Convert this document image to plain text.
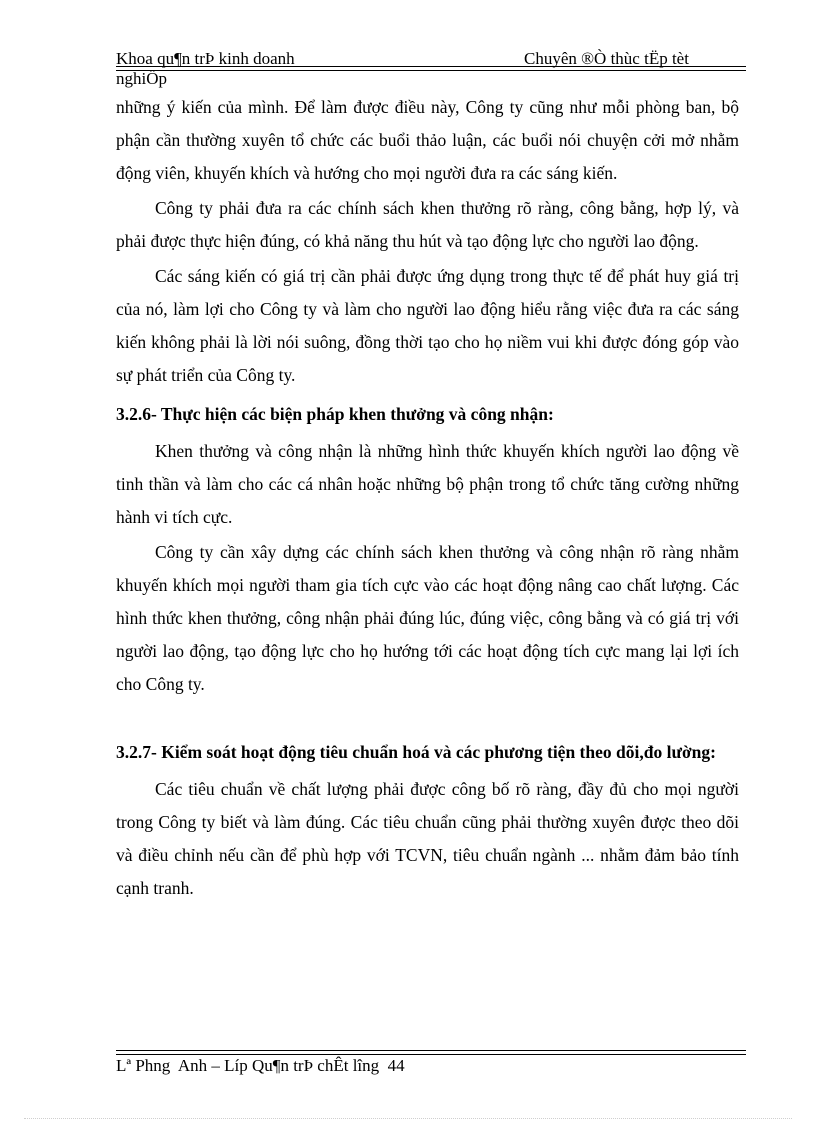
Khoa qu¶n trÞ kinh doanh nghiÖp
Chuyên ®Ò thùc tËp tèt

những ý kiến của mình. Để làm được điều này, Công ty cũng như mỗi phòng ban, bộ phận cần thường xuyên tổ chức các buổi thảo luận, các buổi nói chuyện cởi mở nhằm động viên, khuyến khích và hướng cho mọi người đưa ra các sáng kiến.

Công ty phải đưa ra các chính sách khen thưởng rõ ràng, công bằng, hợp lý, và phải được thực hiện đúng, có khả năng thu hút và tạo động lực cho người lao động.

Các sáng kiến có giá trị cần phải được ứng dụng trong thực tế để phát huy giá trị của nó, làm lợi cho Công ty và làm cho người lao động hiểu rằng việc đưa ra các sáng kiến không phải là lời nói suông, đồng thời tạo cho họ niềm vui khi được đóng góp vào sự phát triển của Công ty.

3.2.6- Thực hiện các biện pháp khen thưởng và công nhận:

Khen thưởng và công nhận là những hình thức khuyến khích người lao động về tinh thần và làm cho các cá nhân hoặc những bộ phận trong tổ chức tăng cường những hành vi tích cực.

Công ty cần xây dựng các chính sách khen thưởng và công nhận rõ ràng nhằm khuyến khích mọi người tham gia tích cực vào các hoạt động nâng cao chất lượng. Các hình thức khen thưởng, công nhận phải đúng lúc, đúng việc, công bằng và có giá trị với người lao động, tạo động lực cho họ hướng tới các hoạt động tích cực mang lại lợi ích cho Công ty.

3.2.7- Kiểm soát hoạt động tiêu chuẩn hoá và các phương tiện theo dõi,đo lường:

Các tiêu chuẩn về chất lượng phải được công bố rõ ràng, đầy đủ cho mọi người trong Công ty biết và làm đúng. Các tiêu chuẩn cũng phải thường xuyên được theo dõi và điều chỉnh nếu cần để phù hợp với TCVN, tiêu chuẩn ngành ... nhằm đảm bảo tính cạnh tranh.

Lª Phng  Anh – Líp Qu¶n trÞ chÊt lîng  44
